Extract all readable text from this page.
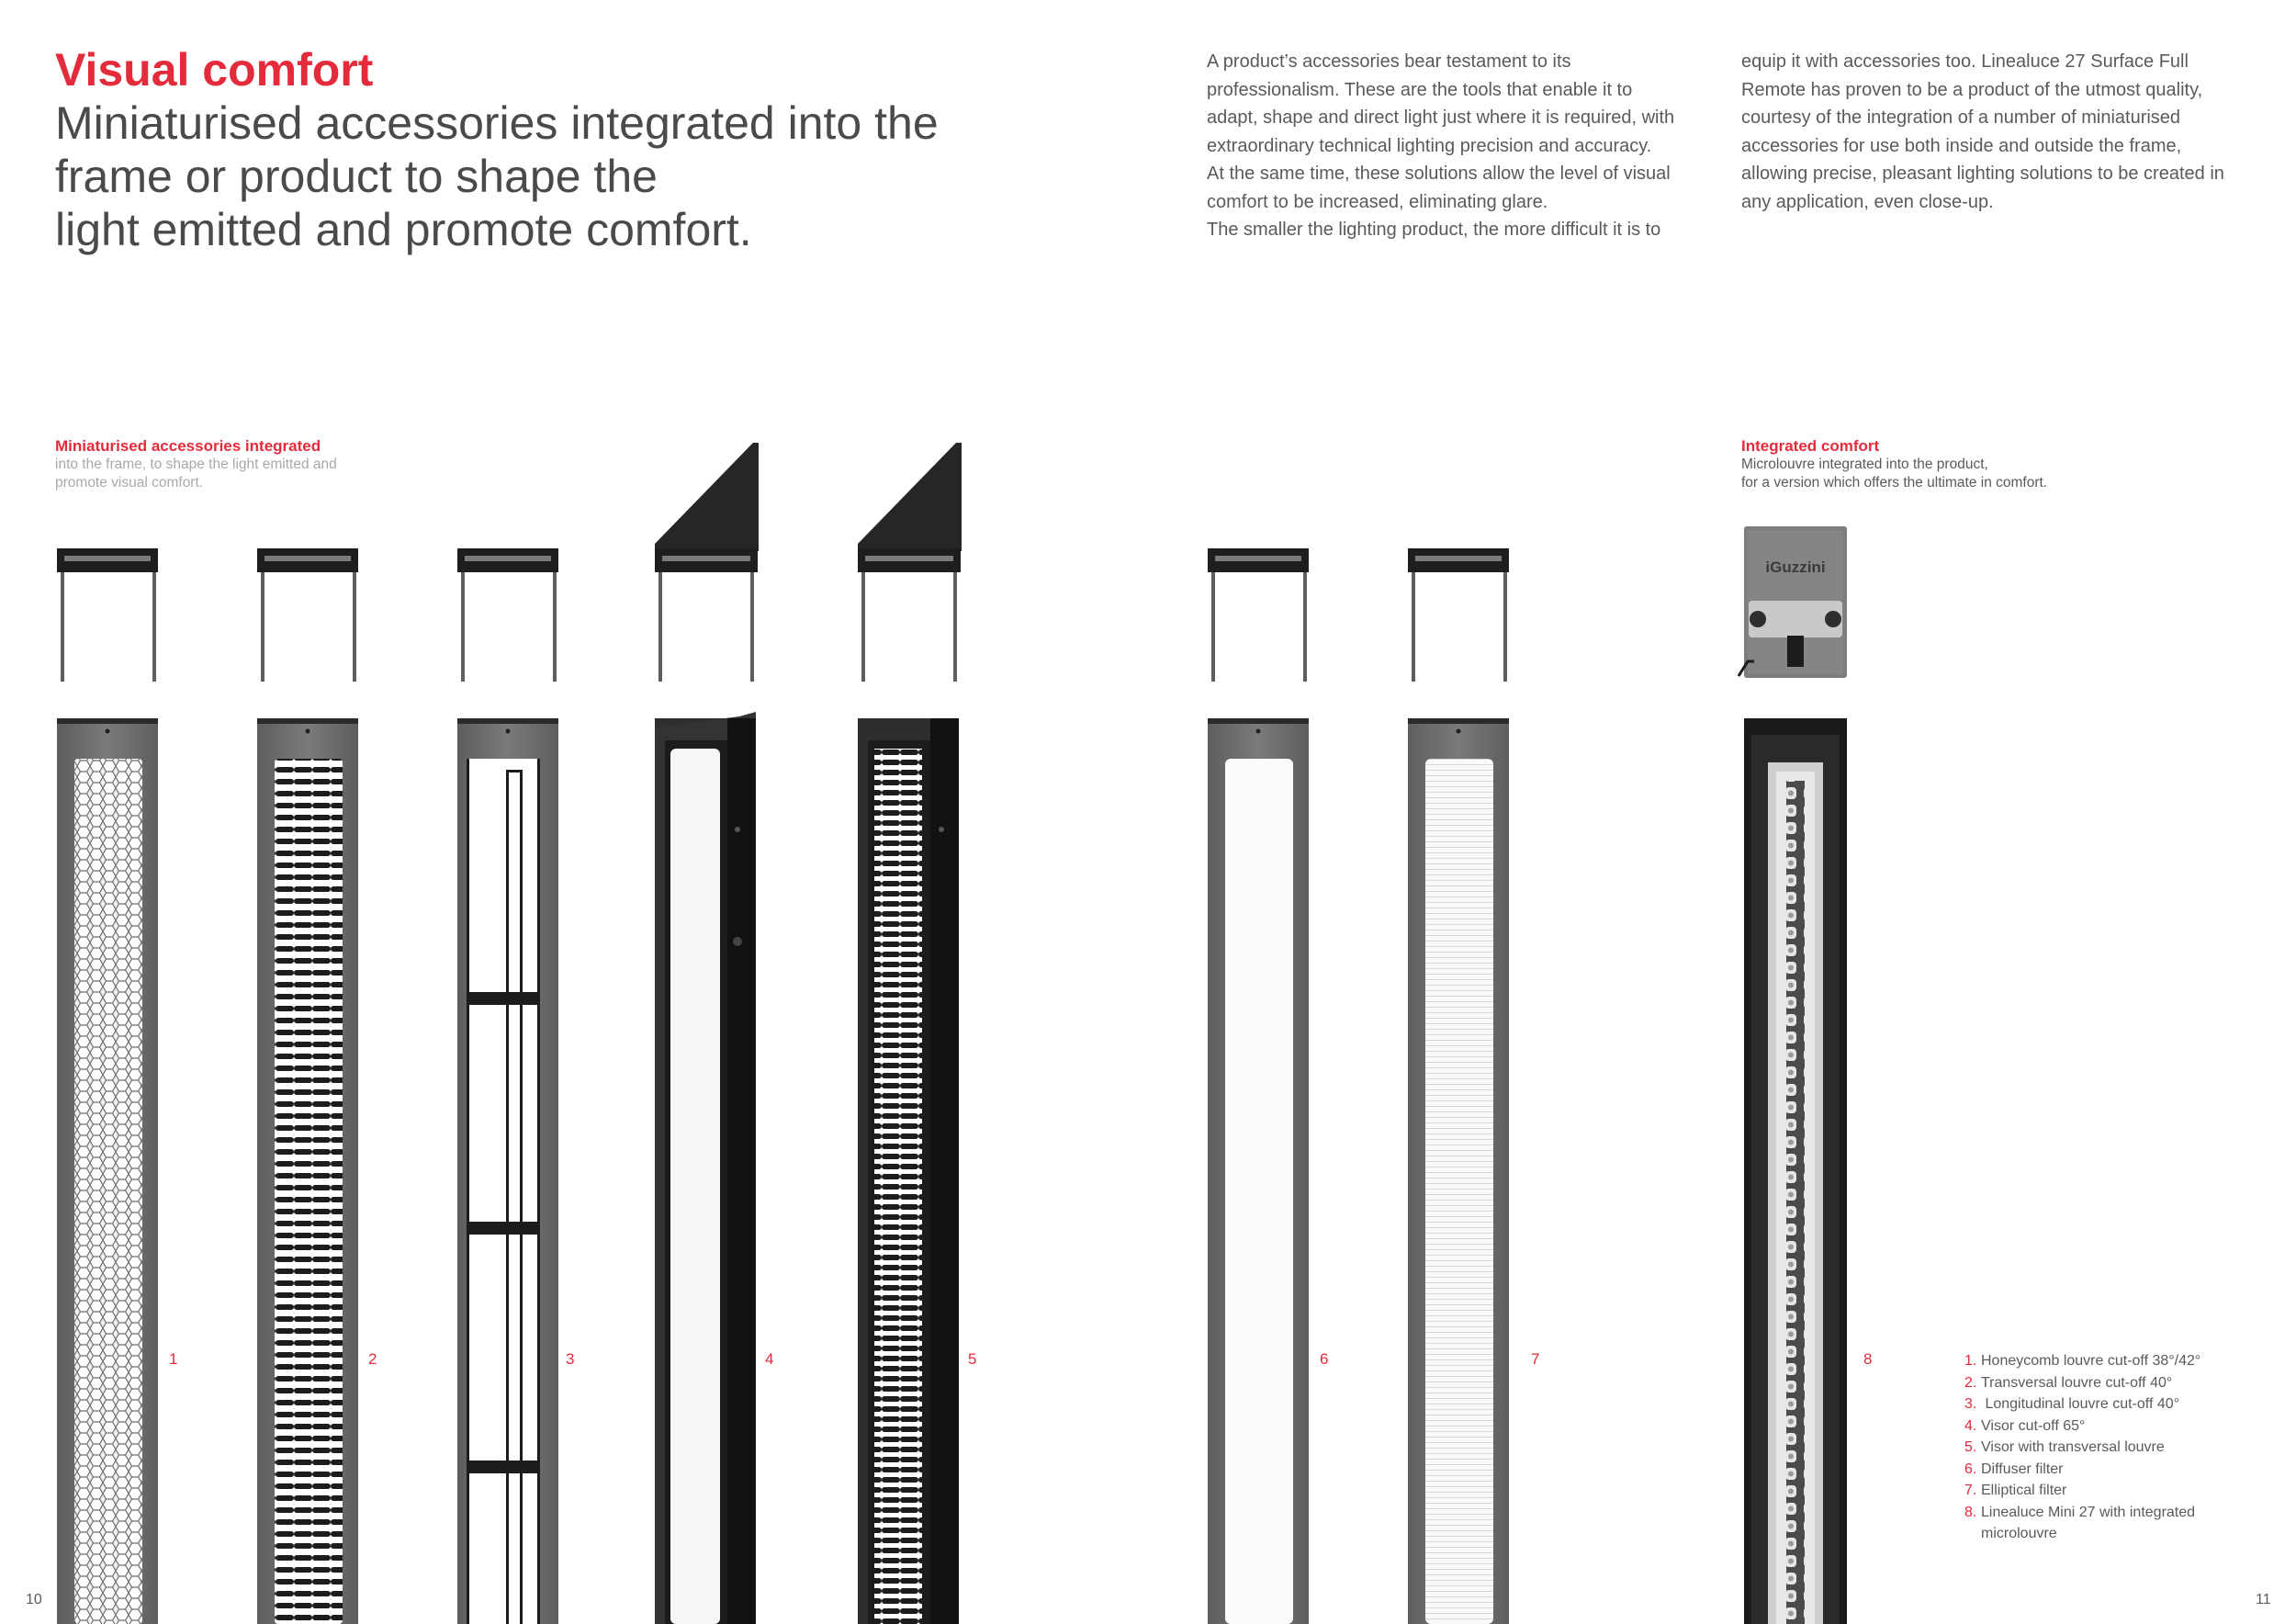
Visual comfort
Miniaturised accessories integrated into the
frame or product to shape the
light emitted and promote comfort.

A product’s accessories bear testament to its
professionalism. These are the tools that enable it to
adapt, shape and direct light just where it is required, with
extraordinary technical lighting precision and accuracy.
At the same time, these solutions allow the level of visual
comfort to be increased, eliminating glare.
The smaller the lighting product, the more difficult it is to

equip it with accessories too. Linealuce 27 Surface Full
Remote has proven to be a product of the utmost quality,
courtesy of the integration of a number of miniaturised
accessories for use both inside and outside the frame,
allowing precise, pleasant lighting solutions to be created in
any application, even close-up.

Miniaturised accessories integrated
into the frame, to shape the light emitted and
promote visual comfort.
Integrated comfort
Microlouvre integrated into the product,
for a version which offers the ultimate in comfort.
iGuzzini
1	2	3	4	5	6	7	8	1. Honeycomb louvre cut-off 38°/42°
2. Transversal louvre cut-off 40°
3. Longitudinal louvre cut-off 40°
4. Visor cut-off 65°
5. Visor with transversal louvre
6. Diffuser filter
7. Elliptical filter
8. Linealuce Mini 27 with integrated microlouvre
10	11
